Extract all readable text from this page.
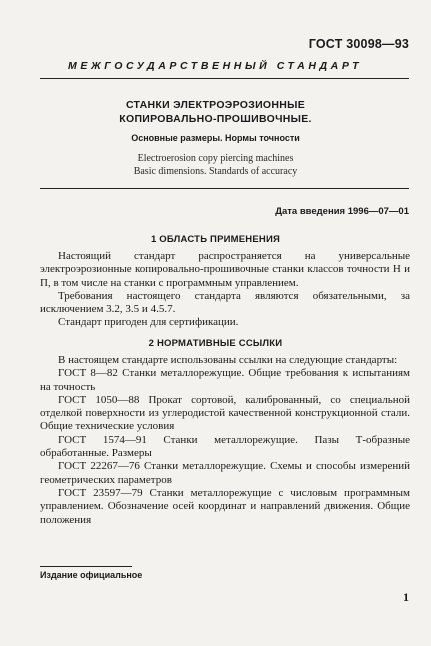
ГОСТ 30098—93
МЕЖГОСУДАРСТВЕННЫЙ СТАНДАРТ
СТАНКИ ЭЛЕКТРОЭРОЗИОННЫЕ
КОПИРОВАЛЬНО-ПРОШИВОЧНЫЕ.
Основные размеры. Нормы точности
Electroerosion copy piercing machines
Basic dimensions. Standards of accuracy
Дата введения 1996—07—01
1 ОБЛАСТЬ ПРИМЕНЕНИЯ

Настоящий стандарт распространяется на универсальные электроэрозионные копировально-прошивочные станки классов точности Н и П, в том числе на станки с программным управлением.

Требования настоящего стандарта являются обязательными, за исключением 3.2, 3.5 и 4.5.7.

Стандарт пригоден для сертификации.

2 НОРМАТИВНЫЕ ССЫЛКИ

В настоящем стандарте использованы ссылки на следующие стандарты:

ГОСТ 8—82 Станки металлорежущие. Общие требования к испытаниям на точность

ГОСТ 1050—88 Прокат сортовой, калиброванный, со специальной отделкой поверхности из углеродистой качественной конструкционной стали. Общие технические условия

ГОСТ 1574—91 Станки металлорежущие. Пазы Т-образные обработанные. Размеры

ГОСТ 22267—76 Станки металлорежущие. Схемы и способы измерений геометрических параметров

ГОСТ 23597—79 Станки металлорежущие с числовым программным управлением. Обозначение осей координат и направлений движения. Общие положения

Издание официальное
1
